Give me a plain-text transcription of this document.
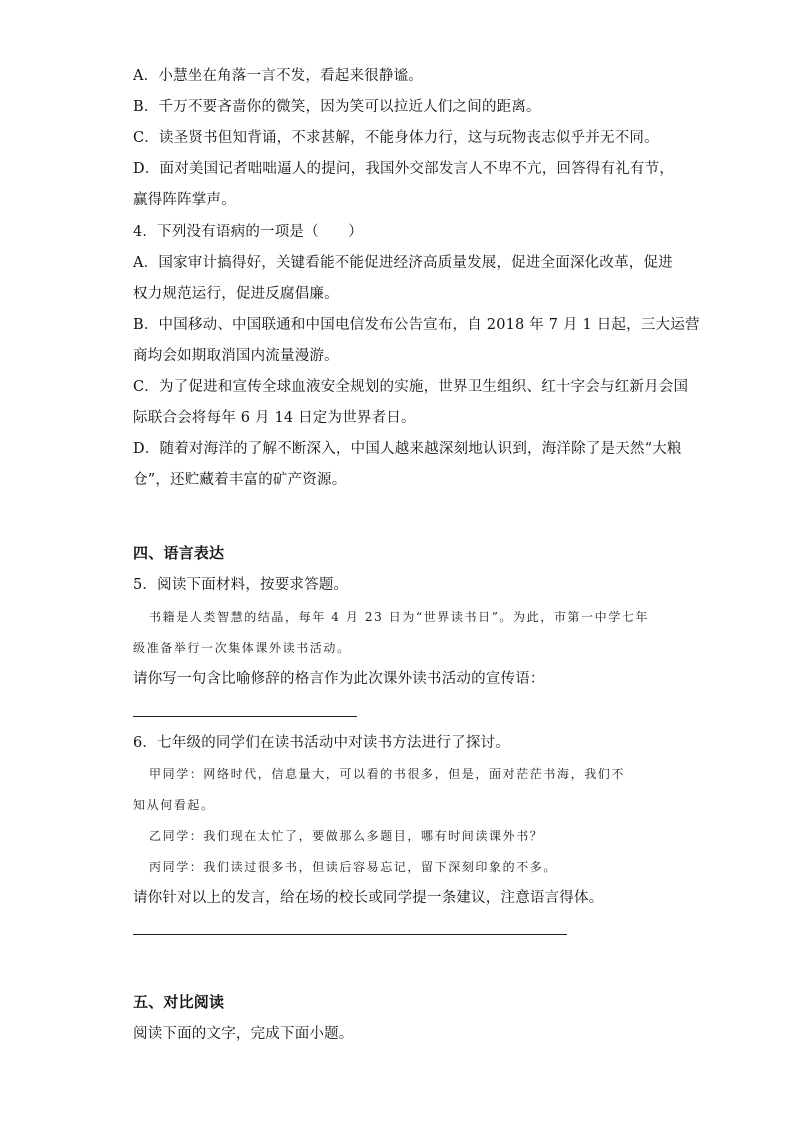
A．小慧坐在角落一言不发，看起来很静谧。
B．千万不要吝啬你的微笑，因为笑可以拉近人们之间的距离。
C．读圣贤书但知背诵，不求甚解，不能身体力行，这与玩物丧志似乎并无不同。
D．面对美国记者咄咄逼人的提问，我国外交部发言人不卑不亢，回答得有礼有节，
赢得阵阵掌声。
4．下列没有语病的一项是（　　）
A．国家审计搞得好，关键看能不能促进经济高质量发展，促进全面深化改革，促进
权力规范运行，促进反腐倡廉。
B．中国移动、中国联通和中国电信发布公告宣布，自 2018 年 7 月 1 日起，三大运营
商均会如期取消国内流量漫游。
C．为了促进和宣传全球血液安全规划的实施，世界卫生组织、红十字会与红新月会国
际联合会将每年 6 月 14 日定为世界者日。
D．随着对海洋的了解不断深入，中国人越来越深刻地认识到，海洋除了是天然“大粮
仓”，还贮藏着丰富的矿产资源。
四、语言表达
5．阅读下面材料，按要求答题。
书籍是人类智慧的结晶，每年 4 月 23 日为“世界读书日”。为此，市第一中学七年
级准备举行一次集体课外读书活动。
请你写一句含比喻修辞的格言作为此次课外读书活动的宣传语：
6．七年级的同学们在读书活动中对读书方法进行了探讨。
甲同学：网络时代，信息量大，可以看的书很多，但是，面对茫茫书海，我们不
知从何看起。
乙同学：我们现在太忙了，要做那么多题目，哪有时间读课外书？
丙同学：我们读过很多书，但读后容易忘记，留下深刻印象的不多。
请你针对以上的发言，给在场的校长或同学提一条建议，注意语言得体。
五、对比阅读
阅读下面的文字，完成下面小题。
